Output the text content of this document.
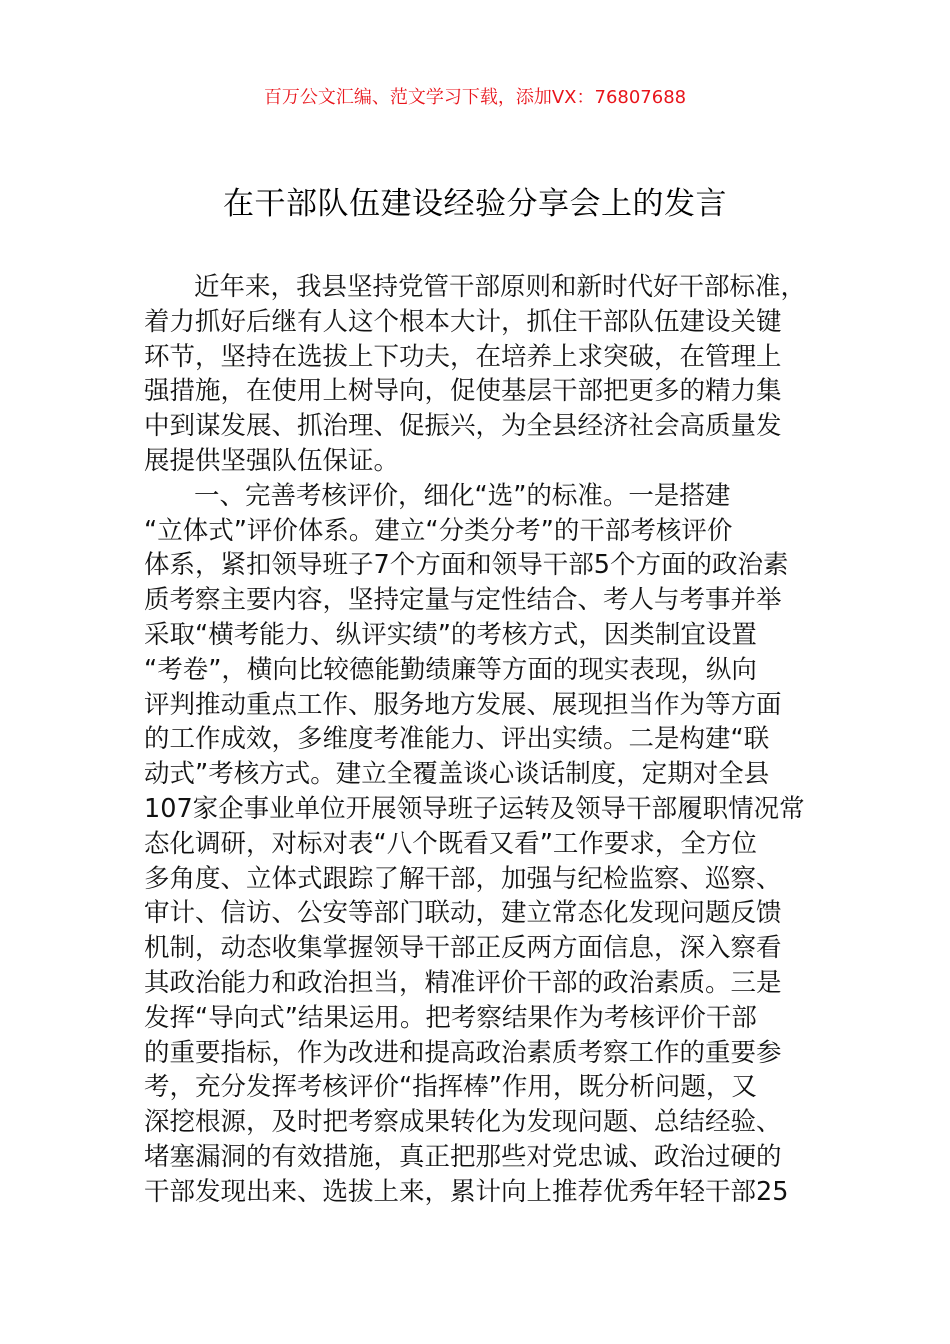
百万公文汇编、范文学习下载，添加VX：76807688
在干部队伍建设经验分享会上的发言
近年来，我县坚持党管干部原则和新时代好干部标准，
着力抓好后继有人这个根本大计，抓住干部队伍建设关键
环节，坚持在选拔上下功夫，在培养上求突破，在管理上
强措施，在使用上树导向，促使基层干部把更多的精力集
中到谋发展、抓治理、促振兴，为全县经济社会高质量发
展提供坚强队伍保证。
一、完善考核评价，细化“选”的标准。一是搭建
“立体式”评价体系。建立“分类分考”的干部考核评价
体系，紧扣领导班子7个方面和领导干部5个方面的政治素
质考察主要内容，坚持定量与定性结合、考人与考事并举
采取“横考能力、纵评实绩”的考核方式，因类制宜设置
“考卷”，横向比较德能勤绩廉等方面的现实表现，纵向
评判推动重点工作、服务地方发展、展现担当作为等方面
的工作成效，多维度考准能力、评出实绩。二是构建“联
动式”考核方式。建立全覆盖谈心谈话制度，定期对全县
107家企事业单位开展领导班子运转及领导干部履职情况常
态化调研，对标对表“八个既看又看”工作要求，全方位
多角度、立体式跟踪了解干部，加强与纪检监察、巡察、
审计、信访、公安等部门联动，建立常态化发现问题反馈
机制，动态收集掌握领导干部正反两方面信息，深入察看
其政治能力和政治担当，精准评价干部的政治素质。三是
发挥“导向式”结果运用。把考察结果作为考核评价干部
的重要指标，作为改进和提高政治素质考察工作的重要参
考，充分发挥考核评价“指挥棒”作用，既分析问题，又
深挖根源，及时把考察成果转化为发现问题、总结经验、
堵塞漏洞的有效措施，真正把那些对党忠诚、政治过硬的
干部发现出来、选拔上来，累计向上推荐优秀年轻干部25
